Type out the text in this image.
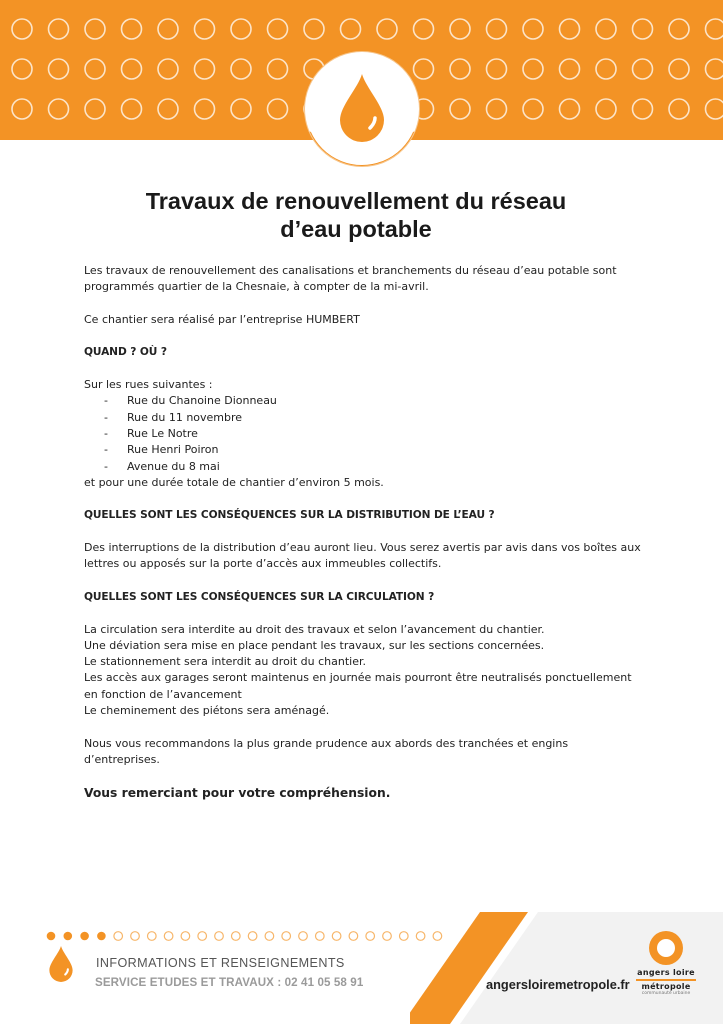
Travaux de renouvellement du réseau
d’eau potable

Les travaux de renouvellement des canalisations et branchements du réseau d’eau potable sont

programmés quartier de la Chesnaie, à compter de la mi-avril.

Ce chantier sera réalisé par l’entreprise HUMBERT

QUAND ? OÙ ?

Sur les rues suivantes :

- Rue du Chanoine Dionneau
- Rue du 11 novembre
- Rue Le Notre
- Rue Henri Poiron
- Avenue du 8 mai

et pour une durée totale de chantier d’environ 5 mois.

QUELLES SONT LES CONSÉQUENCES SUR LA DISTRIBUTION DE L’EAU ?

Des interruptions de la distribution d’eau auront lieu. Vous serez avertis par avis dans vos boîtes aux

lettres ou apposés sur la porte d’accès aux immeubles collectifs.

QUELLES SONT LES CONSÉQUENCES SUR LA CIRCULATION ?

La circulation sera interdite au droit des travaux et selon l’avancement du chantier.

Une déviation sera mise en place pendant les travaux, sur les sections concernées.

Le stationnement sera interdit au droit du chantier.

Les accès aux garages seront maintenus en journée mais pourront être neutralisés ponctuellement

en fonction de l’avancement

Le cheminement des piétons sera aménagé.

Nous vous recommandons la plus grande prudence aux abords des tranchées et engins

d’entreprises.

Vous remerciant pour votre compréhension.

INFORMATIONS ET RENSEIGNEMENTS
SERVICE ETUDES ET TRAVAUX : 02 41 05 58 91	angersloiremetropole.fr
angers loire
métropole
communauté urbaine
